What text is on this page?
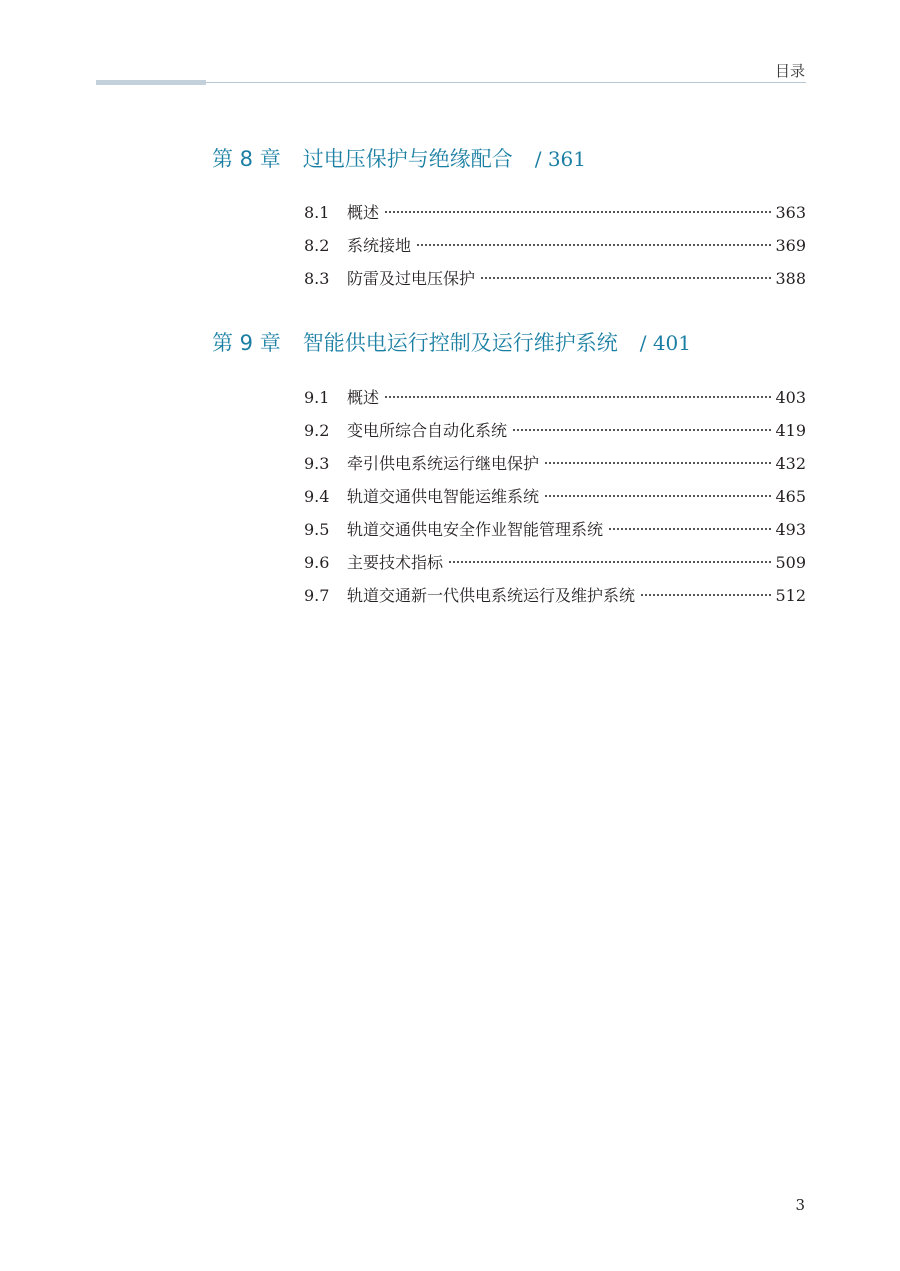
目录
第 8 章 过电压保护与绝缘配合 / 361
8.1	概述	363
8.2	系统接地	369
8.3	防雷及过电压保护	388
第 9 章 智能供电运行控制及运行维护系统 / 401
9.1	概述	403
9.2	变电所综合自动化系统	419
9.3	牵引供电系统运行继电保护	432
9.4	轨道交通供电智能运维系统	465
9.5	轨道交通供电安全作业智能管理系统	493
9.6	主要技术指标	509
9.7	轨道交通新一代供电系统运行及维护系统	512
3
